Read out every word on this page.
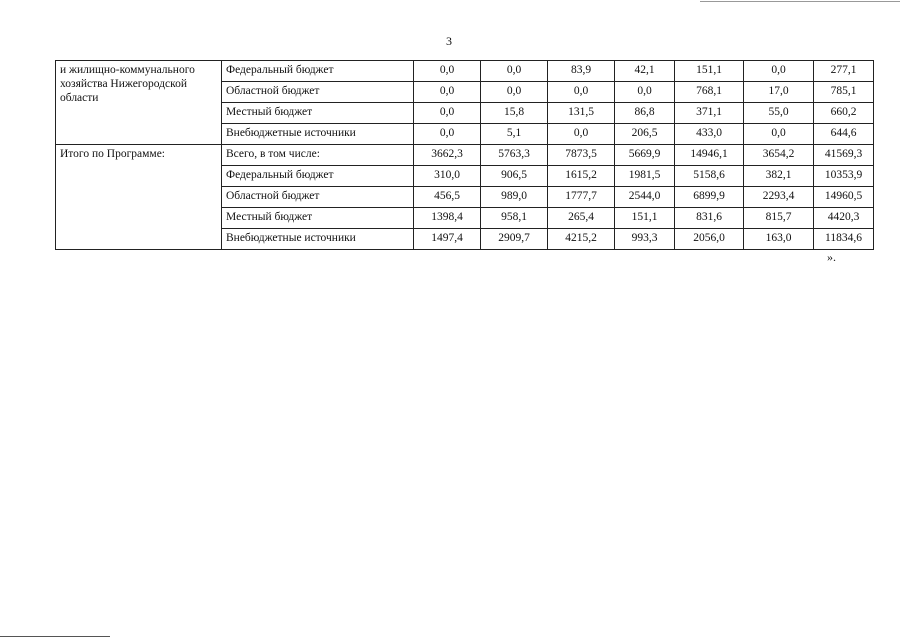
3
и жилищно-коммунального хозяйства Нижегородской области	Федеральный бюджет	0,0	0,0	83,9	42,1	151,1	0,0	277,1
	Областной бюджет	0,0	0,0	0,0	0,0	768,1	17,0	785,1
	Местный бюджет	0,0	15,8	131,5	86,8	371,1	55,0	660,2
	Внебюджетные источники	0,0	5,1	0,0	206,5	433,0	0,0	644,6
Итого по Программе:	Всего, в том числе:	3662,3	5763,3	7873,5	5669,9	14946,1	3654,2	41569,3
	Федеральный бюджет	310,0	906,5	1615,2	1981,5	5158,6	382,1	10353,9
	Областной бюджет	456,5	989,0	1777,7	2544,0	6899,9	2293,4	14960,5
	Местный бюджет	1398,4	958,1	265,4	151,1	831,6	815,7	4420,3
	Внебюджетные источники	1497,4	2909,7	4215,2	993,3	2056,0	163,0	11834,6
».
